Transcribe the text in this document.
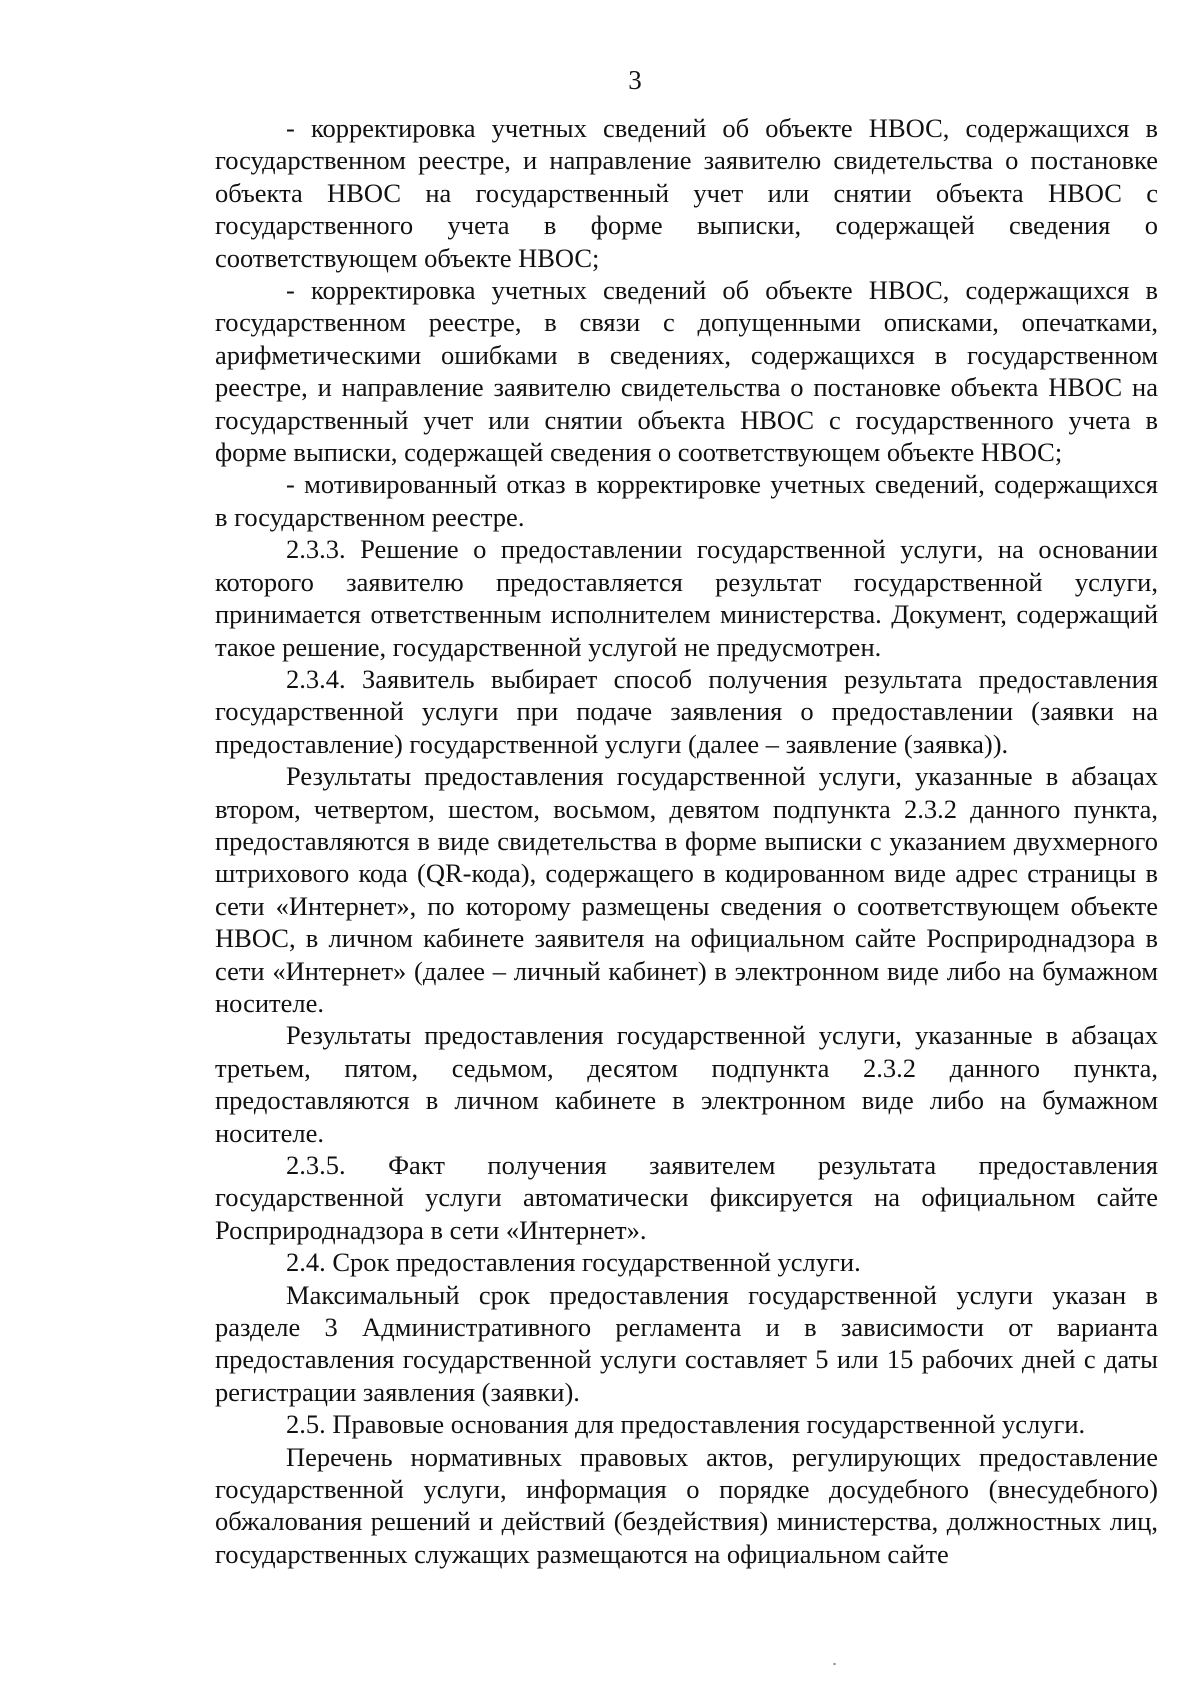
3

- корректировка учетных сведений об объекте НВОС, содержащихся в государственном реестре, и направление заявителю свидетельства о постановке объекта НВОС на государственный учет или снятии объекта НВОС с государственного учета в форме выписки, содержащей сведения о соответствующем объекте НВОС;

- корректировка учетных сведений об объекте НВОС, содержащихся в государственном реестре, в связи с допущенными описками, опечатками, арифметическими ошибками в сведениях, содержащихся в государственном реестре, и направление заявителю свидетельства о постановке объекта НВОС на государственный учет или снятии объекта НВОС с государственного учета в форме выписки, содержащей сведения о соответствующем объекте НВОС;

- мотивированный отказ в корректировке учетных сведений, содержащихся в государственном реестре.

2.3.3. Решение о предоставлении государственной услуги, на основании которого заявителю предоставляется результат государственной услуги, принимается ответственным исполнителем министерства. Документ, содержащий такое решение, государственной услугой не предусмотрен.

2.3.4. Заявитель выбирает способ получения результата предоставления государственной услуги при подаче заявления о предоставлении (заявки на предоставление) государственной услуги (далее – заявление (заявка)).

Результаты предоставления государственной услуги, указанные в абзацах втором, четвертом, шестом, восьмом, девятом подпункта 2.3.2 данного пункта, предоставляются в виде свидетельства в форме выписки с указанием двухмерного штрихового кода (QR-кода), содержащего в кодированном виде адрес страницы в сети «Интернет», по которому размещены сведения о соответствующем объекте НВОС, в личном кабинете заявителя на официальном сайте Росприроднадзора в сети «Интернет» (далее – личный кабинет) в электронном виде либо на бумажном носителе.

Результаты предоставления государственной услуги, указанные в абзацах третьем, пятом, седьмом, десятом подпункта 2.3.2 данного пункта, предоставляются в личном кабинете в электронном виде либо на бумажном носителе.

2.3.5. Факт получения заявителем результата предоставления государственной услуги автоматически фиксируется на официальном сайте Росприроднадзора в сети «Интернет».

2.4. Срок предоставления государственной услуги.

Максимальный срок предоставления государственной услуги указан в разделе 3 Административного регламента и в зависимости от варианта предоставления государственной услуги составляет 5 или 15 рабочих дней с даты регистрации заявления (заявки).

2.5. Правовые основания для предоставления государственной услуги.

Перечень нормативных правовых актов, регулирующих предоставление государственной услуги, информация о порядке досудебного (внесудебного) обжалования решений и действий (бездействия) министерства, должностных лиц, государственных служащих размещаются на официальном сайте
